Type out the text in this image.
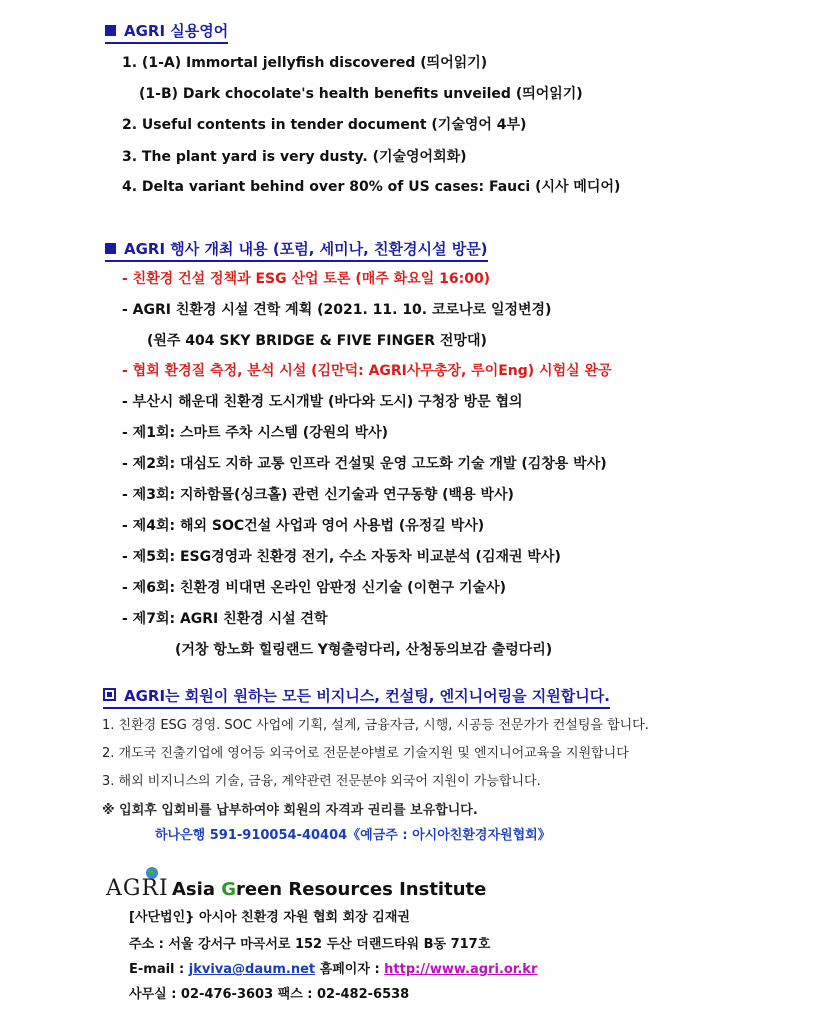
AGRI 실용영어
1. (1-A) Immortal jellyfish discovered (띄어읽기)
(1-B) Dark chocolate's health benefits unveiled (띄어읽기)
2. Useful contents in tender document (기술영어 4부)
3. The plant yard is very dusty. (기술영어회화)
4. Delta variant behind over 80% of US cases: Fauci (시사 메디어)
AGRI 행사 개최 내용 (포럼, 세미나, 친환경시설 방문)
- 친환경 건설 정책과 ESG 산업 토론 (매주 화요일 16:00)
- AGRI 친환경 시설 견학 계획 (2021. 11. 10. 코로나로 일정변경)
(원주 404 SKY BRIDGE & FIVE FINGER 전망대)
- 협회 환경질 측정, 분석 시설 (김만덕: AGRI사무총장, 루이Eng) 시험실 완공
- 부산시 해운대 친환경 도시개발 (바다와 도시) 구청장 방문 협의
- 제1회: 스마트 주차 시스템 (강원의 박사)
- 제2회: 대심도 지하 교통 인프라 건설및 운영 고도화 기술 개발 (김창용 박사)
- 제3회: 지하함몰(싱크홀) 관련 신기술과 연구동향 (백용 박사)
- 제4회: 해외 SOC건설 사업과 영어 사용법 (유정길 박사)
- 제5회: ESG경영과 친환경 전기, 수소 자동차 비교분석 (김재권 박사)
- 제6회: 친환경 비대면 온라인 암판정 신기술 (이현구 기술사)
- 제7회: AGRI 친환경 시설 견학
(거창 항노화 힐링랜드 Y형출렁다리, 산청동의보감 출렁다리)
AGRI는 회원이 원하는 모든 비지니스, 컨설팅, 엔지니어링을 지원합니다.
1. 친환경 ESG 경영. SOC 사업에 기획, 설계, 금융자금, 시행, 시공등 전문가가 컨설팅을 합니다.
2. 개도국 진출기업에 영어등 외국어로 전문분야별로 기술지원 및 엔지니어교육을 지원합니다
3. 해외 비지니스의 기술, 금융, 계약관련 전문분야 외국어 지원이 가능합니다.
※ 입회후 입회비를 납부하여야 회원의 자격과 권리를 보유합니다.
하나은행 591-910054-40404《예금주 : 아시아친환경자원협회》
AGRI Asia Green Resources Institute
[사단법인} 아시아 친환경 자원 협회 회장 김재권
주소 : 서울 강서구 마곡서로 152 두산 더랜드타워 B동 717호
E-mail : jkviva@daum.net 홈페이자 : http://www.agri.or.kr
사무실 : 02-476-3603 팩스 : 02-482-6538
